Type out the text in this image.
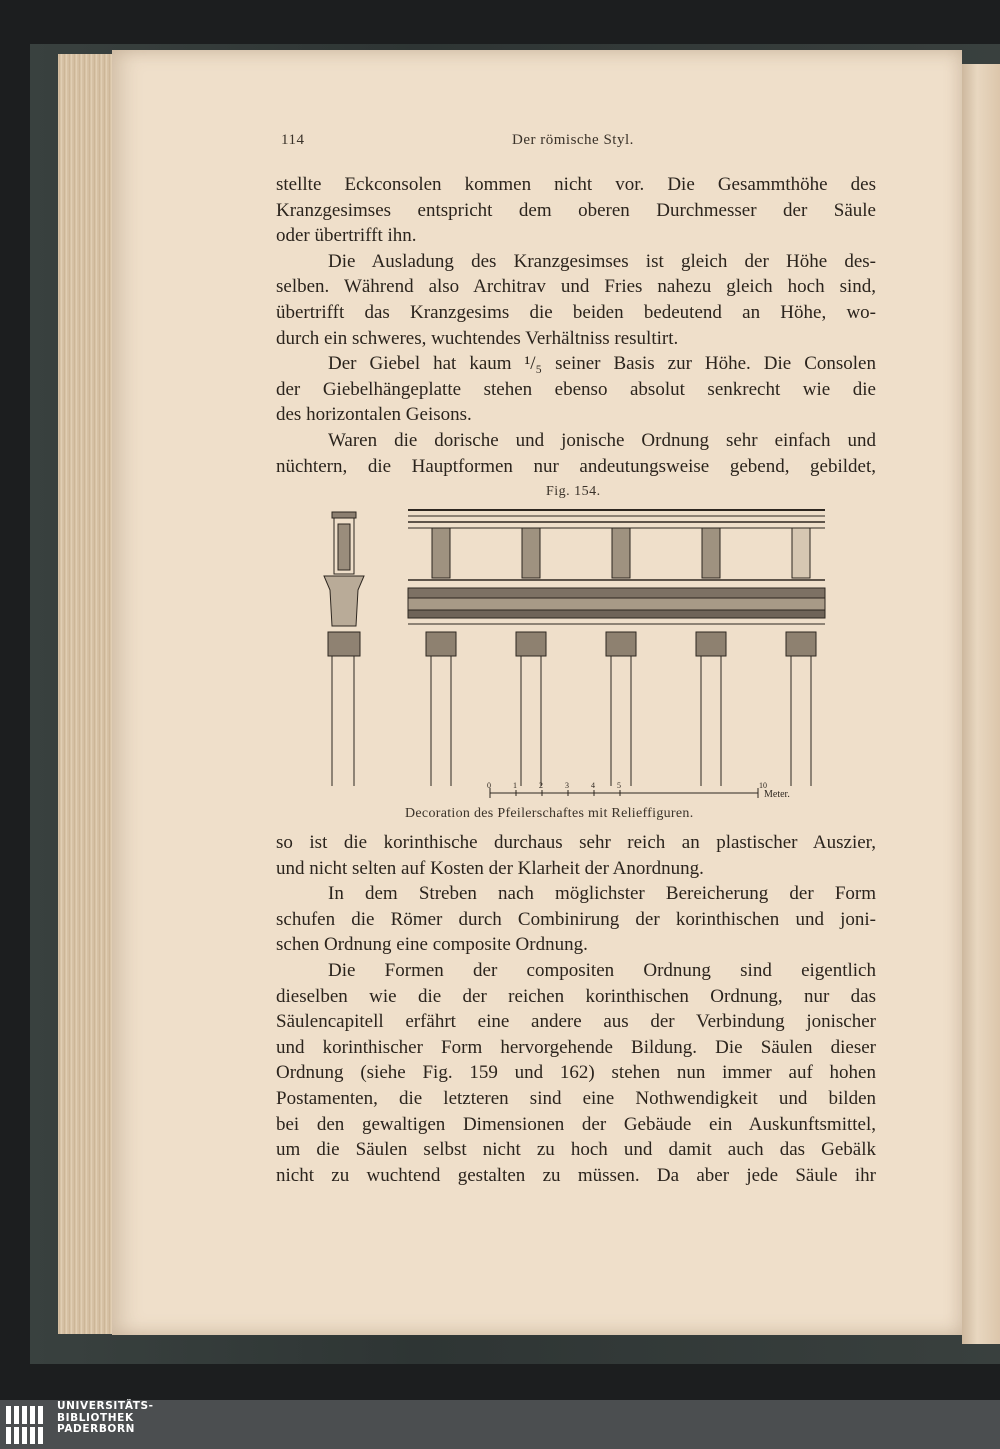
114	Der römische Styl.
stellte Eckconsolen kommen nicht vor. Die Gesammthöhe des
Kranzgesimses entspricht dem oberen Durchmesser der Säule
oder übertrifft ihn.
Die Ausladung des Kranzgesimses ist gleich der Höhe des-
selben. Während also Architrav und Fries nahezu gleich hoch sind,
übertrifft das Kranzgesims die beiden bedeutend an Höhe, wo-
durch ein schweres, wuchtendes Verhältniss resultirt.
Der Giebel hat kaum ¹/₅ seiner Basis zur Höhe. Die Consolen
der Giebelhängeplatte stehen ebenso absolut senkrecht wie die
des horizontalen Geisons.
Waren die dorische und jonische Ordnung sehr einfach und
nüchtern, die Hauptformen nur andeutungsweise gebend, gebildet,
Fig. 154.
0	1	2	3	4	5	10
Meter.
Decoration des Pfeilerschaftes mit Relieffiguren.
so ist die korinthische durchaus sehr reich an plastischer Auszier,
und nicht selten auf Kosten der Klarheit der Anordnung.
In dem Streben nach möglichster Bereicherung der Form
schufen die Römer durch Combinirung der korinthischen und joni-
schen Ordnung eine composite Ordnung.
Die Formen der compositen Ordnung sind eigentlich
dieselben wie die der reichen korinthischen Ordnung, nur das
Säulencapitell erfährt eine andere aus der Verbindung jonischer
und korinthischer Form hervorgehende Bildung. Die Säulen dieser
Ordnung (siehe Fig. 159 und 162) stehen nun immer auf hohen
Postamenten, die letzteren sind eine Nothwendigkeit und bilden
bei den gewaltigen Dimensionen der Gebäude ein Auskunftsmittel,
um die Säulen selbst nicht zu hoch und damit auch das Gebälk
nicht zu wuchtend gestalten zu müssen. Da aber jede Säule ihr
UNIVERSITÄTS-
BIBLIOTHEK
PADERBORN
